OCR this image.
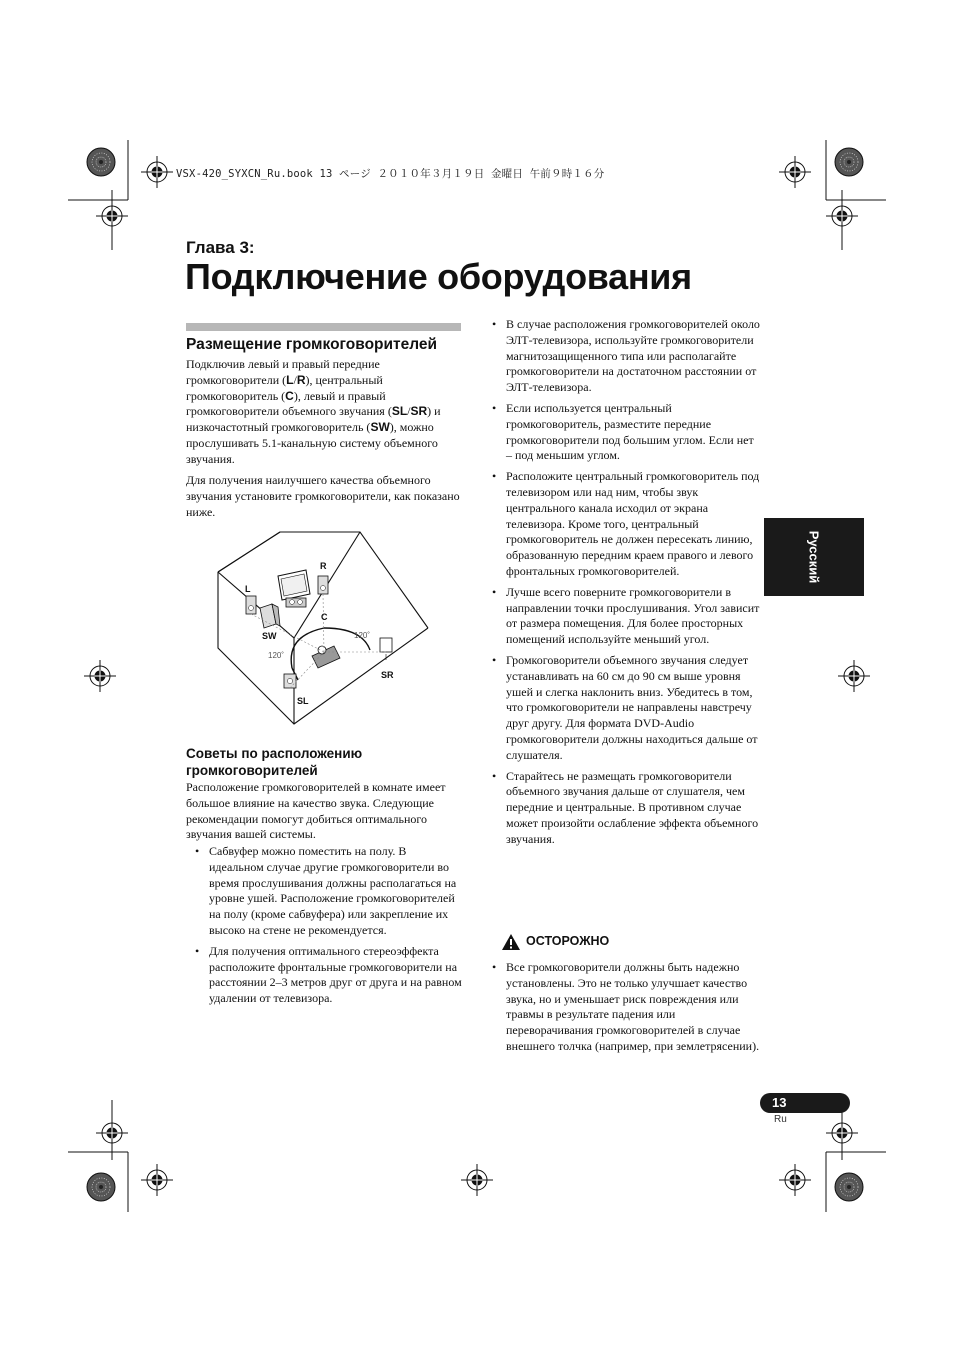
VSX-420_SYXCN_Ru.book 13 ページ ２０１０年３月１９日 金曜日 午前９時１６分
Глава 3:
Подключение оборудования
Размещение громкоговорителей
Подключив левый и правый передние громкоговорители (L/R), центральный громкоговоритель (C), левый и правый громкоговорители объемного звучания (SL/SR) и низкочастотный громкоговоритель (SW), можно прослушивать 5.1-канальную систему объемного звучания.
Для получения наилучшего качества объемного звучания установите громкоговорители, как показано ниже.
L
R
C
SW
SL
SR
120˚
120˚
Советы по расположению громкоговорителей
Расположение громкоговорителей в комнате имеет большое влияние на качество звука. Следующие рекомендации помогут добиться оптимального звучания вашей системы.
• Сабвуфер можно поместить на полу. В идеальном случае другие громкоговорители во время прослушивания должны располагаться на уровне ушей. Расположение громкоговорителей на полу (кроме сабвуфера) или закрепление их высоко на стене не рекомендуется.
• Для получения оптимального стереоэффекта расположите фронтальные громкоговорители на расстоянии 2–3 метров друг от друга и на равном удалении от телевизора.
• В случае расположения громкоговорителей около ЭЛТ-телевизора, используйте громкоговорители магнитозащищенного типа или располагайте громкоговорители на достаточном расстоянии от ЭЛТ-телевизора.
• Если используется центральный громкоговоритель, разместите передние громкоговорители под большим углом. Если нет – под меньшим углом.
• Расположите центральный громкоговоритель под телевизором или над ним, чтобы звук центрального канала исходил от экрана телевизора. Кроме того, центральный громкоговоритель не должен пересекать линию, образованную передним краем правого и левого фронтальных громкоговорителей.
• Лучше всего поверните громкоговорители в направлении точки прослушивания. Угол зависит от размера помещения. Для более просторных помещений используйте меньший угол.
• Громкоговорители объемного звучания следует устанавливать на 60 см до 90 см выше уровня ушей и слегка наклонить вниз. Убедитесь в том, что громкоговорители не направлены навстречу друг другу. Для формата DVD-Audio громкоговорители должны находиться дальше от слушателя.
• Старайтесь не размещать громкоговорители объемного звучания дальше от слушателя, чем передние и центральные. В противном случае может произойти ослабление эффекта объемного звучания.
ОСТОРОЖНО
• Все громкоговорители должны быть надежно установлены. Это не только улучшает качество звука, но и уменьшает риск повреждения или травмы в результате падения или переворачивания громкоговорителей в случае внешнего толчка (например, при землетрясении).
Русский
13
Ru
